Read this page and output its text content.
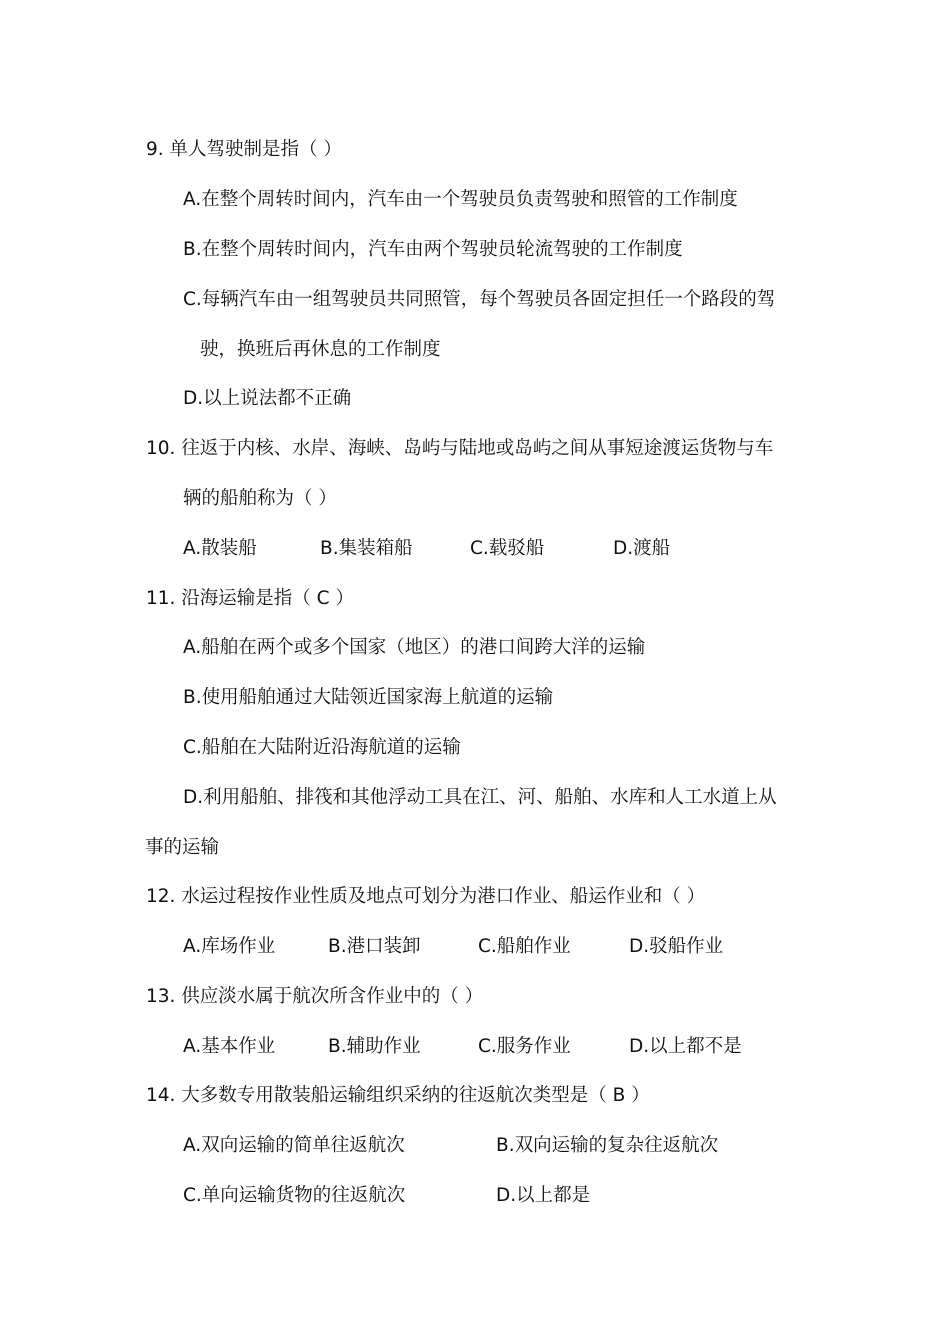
9. 单人驾驶制是指（ ）
A.在整个周转时间内，汽车由一个驾驶员负责驾驶和照管的工作制度
B.在整个周转时间内，汽车由两个驾驶员轮流驾驶的工作制度
C.每辆汽车由一组驾驶员共同照管，每个驾驶员各固定担任一个路段的驾
驶，换班后再休息的工作制度
D.以上说法都不正确
10. 往返于内核、水岸、海峡、岛屿与陆地或岛屿之间从事短途渡运货物与车
辆的船舶称为（ ）
A.散装船	B.集装箱船	C.载驳船	D.渡船
11. 沿海运输是指（ C ）
A.船舶在两个或多个国家（地区）的港口间跨大洋的运输
B.使用船舶通过大陆领近国家海上航道的运输
C.船舶在大陆附近沿海航道的运输
D.利用船舶、排筏和其他浮动工具在江、河、船舶、水库和人工水道上从
事的运输
12. 水运过程按作业性质及地点可划分为港口作业、船运作业和（ ）
A.库场作业	B.港口装卸	C.船舶作业	D.驳船作业
13. 供应淡水属于航次所含作业中的（ ）
A.基本作业	B.辅助作业	C.服务作业	D.以上都不是
14. 大多数专用散装船运输组织采纳的往返航次类型是（ B ）
A.双向运输的简单往返航次	B.双向运输的复杂往返航次
C.单向运输货物的往返航次	D.以上都是
